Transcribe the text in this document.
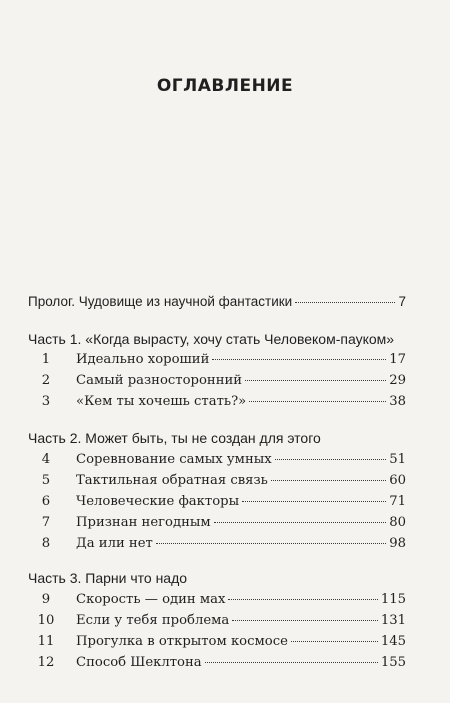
ОГЛАВЛЕНИЕ
Пролог. Чудовище из научной фантастики	7
Часть 1. «Когда вырасту, хочу стать Человеком-пауком»
1	Идеально хороший	17
2	Самый разносторонний	29
3	«Кем ты хочешь стать?»	38
Часть 2. Может быть, ты не создан для этого
4	Соревнование самых умных	51
5	Тактильная обратная связь	60
6	Человеческие факторы	71
7	Признан негодным	80
8	Да или нет	98
Часть 3. Парни что надо
9	Скорость — один мах	115
10	Если у тебя проблема	131
11	Прогулка в открытом космосе	145
12	Способ Шеклтона	155
